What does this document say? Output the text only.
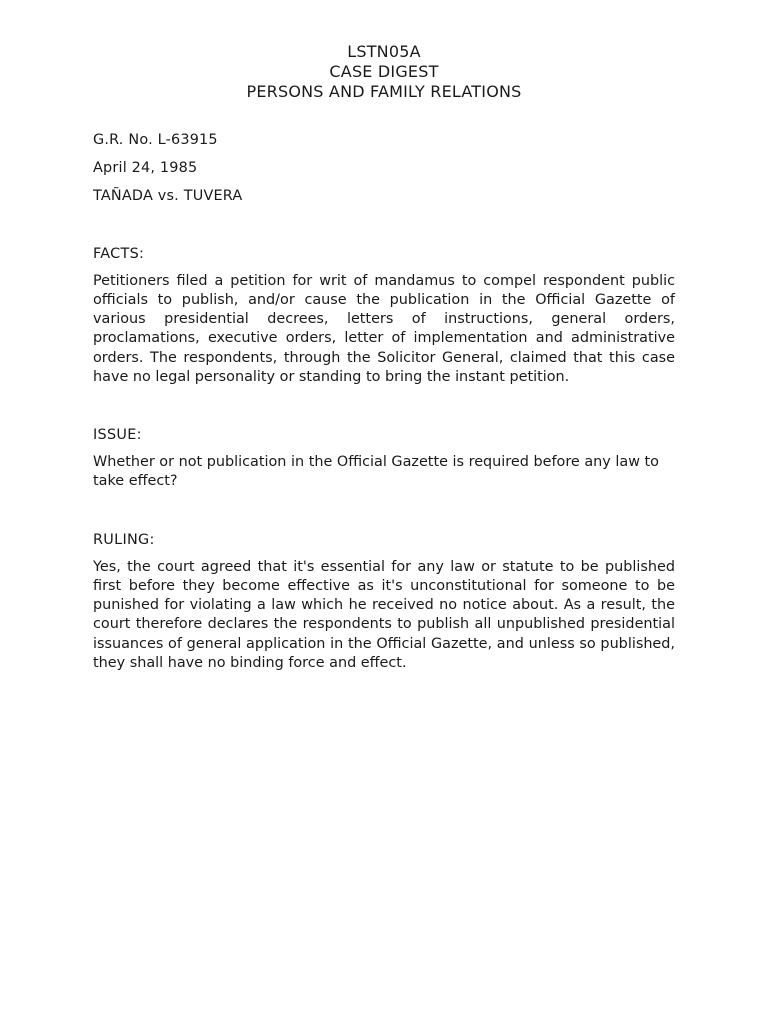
LSTN05A
CASE DIGEST
PERSONS AND FAMILY RELATIONS

G.R. No. L-63915

April 24, 1985

TAÑADA vs. TUVERA

FACTS:

Petitioners filed a petition for writ of mandamus to compel respondent public officials to publish, and/or cause the publication in the Official Gazette of various presidential decrees, letters of instructions, general orders, proclamations, executive orders, letter of implementation and administrative orders. The respondents, through the Solicitor General, claimed that this case have no legal personality or standing to bring the instant petition.

ISSUE:

Whether or not publication in the Official Gazette is required before any law to take effect?

RULING:

Yes, the court agreed that it's essential for any law or statute to be published first before they become effective as it's unconstitutional for someone to be punished for violating a law which he received no notice about. As a result, the court therefore declares the respondents to publish all unpublished presidential issuances of general application in the Official Gazette, and unless so published, they shall have no binding force and effect.
